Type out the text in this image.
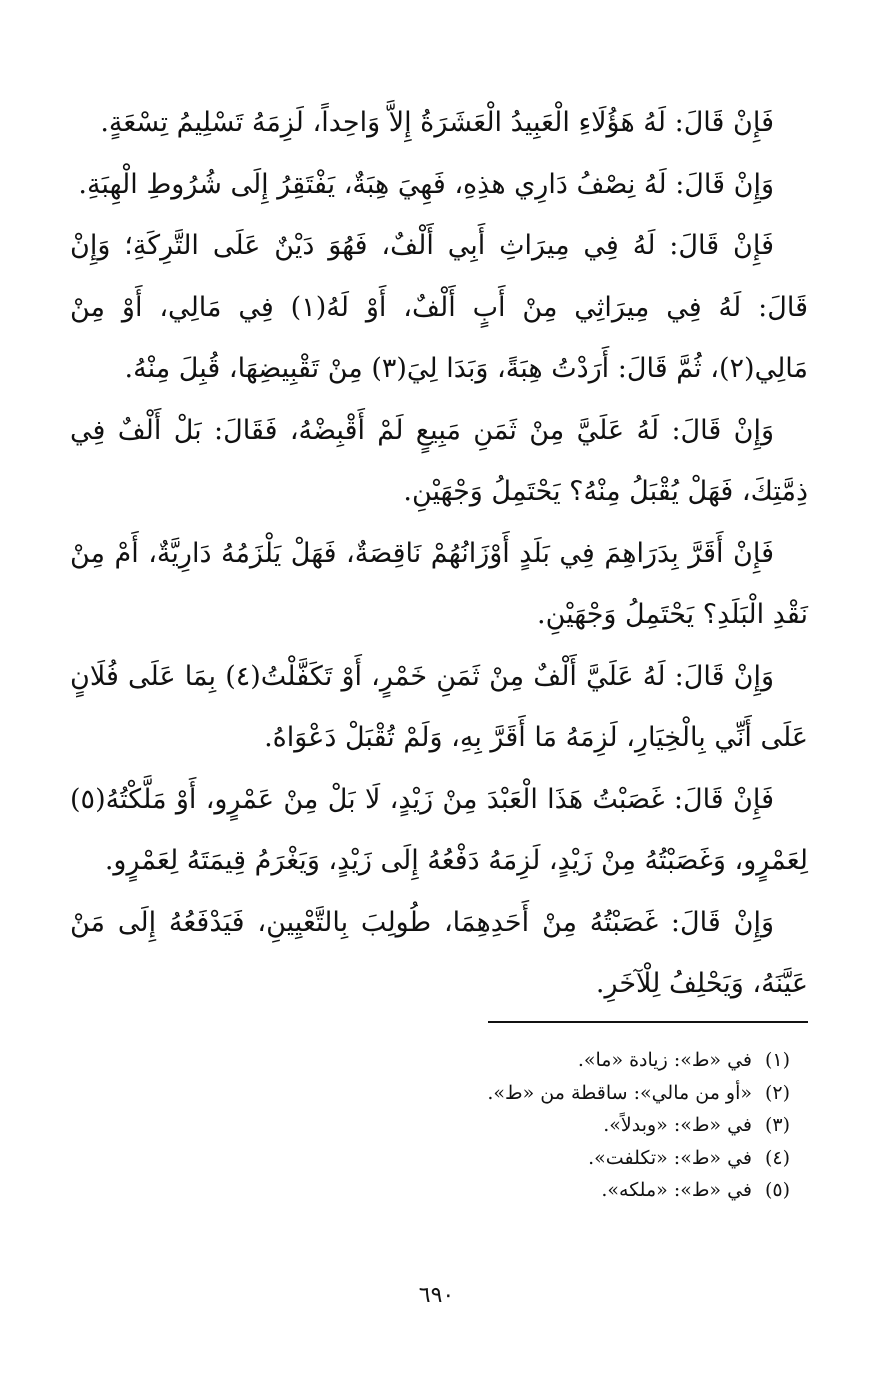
فَإِنْ قَالَ: لَهُ هَؤُلَاءِ الْعَبِيدُ الْعَشَرَةُ إِلاَّ وَاحِداً، لَزِمَهُ تَسْلِيمُ تِسْعَةٍ.

وَإِنْ قَالَ: لَهُ نِصْفُ دَارِي هذِهِ، فَهِيَ هِبَةٌ، يَفْتَقِرُ إِلَى شُرُوطِ الْهِبَةِ.

فَإِنْ قَالَ: لَهُ فِي مِيرَاثِ أَبِي أَلْفٌ، فَهُوَ دَيْنٌ عَلَى التَّرِكَةِ؛ وَإِنْ قَالَ: لَهُ فِي مِيرَاثِي مِنْ أَبٍ أَلْفٌ، أَوْ لَهُ(١) فِي مَالِي، أَوْ مِنْ مَالِي(٢)، ثُمَّ قَالَ: أَرَدْتُ هِبَةً، وَبَدَا لِيَ(٣) مِنْ تَقْبِيضِهَا، قُبِلَ مِنْهُ.

وَإِنْ قَالَ: لَهُ عَلَيَّ مِنْ ثَمَنِ مَبِيعٍ لَمْ أَقْبِضْهُ، فَقَالَ: بَلْ أَلْفٌ فِي ذِمَّتِكَ، فَهَلْ يُقْبَلُ مِنْهُ؟ يَحْتَمِلُ وَجْهَيْنِ.

فَإِنْ أَقَرَّ بِدَرَاهِمَ فِي بَلَدٍ أَوْزَانُهُمْ نَاقِصَةٌ، فَهَلْ يَلْزَمُهُ دَارِيَّةٌ، أَمْ مِنْ نَقْدِ الْبَلَدِ؟ يَحْتَمِلُ وَجْهَيْنِ.

وَإِنْ قَالَ: لَهُ عَلَيَّ أَلْفٌ مِنْ ثَمَنِ خَمْرٍ، أَوْ تَكَفَّلْتُ(٤) بِمَا عَلَى فُلَانٍ عَلَى أَنِّي بِالْخِيَارِ، لَزِمَهُ مَا أَقَرَّ بِهِ، وَلَمْ تُقْبَلْ دَعْوَاهُ.

فَإِنْ قَالَ: غَصَبْتُ هَذَا الْعَبْدَ مِنْ زَيْدٍ، لَا بَلْ مِنْ عَمْرٍو، أَوْ مَلَّكْتُهُ(٥) لِعَمْرٍو، وَغَصَبْتُهُ مِنْ زَيْدٍ، لَزِمَهُ دَفْعُهُ إِلَى زَيْدٍ، وَيَغْرَمُ قِيمَتَهُ لِعَمْرٍو.

وَإِنْ قَالَ: غَصَبْتُهُ مِنْ أَحَدِهِمَا، طُولِبَ بِالتَّعْيِينِ، فَيَدْفَعُهُ إِلَى مَنْ عَيَّنَهُ، وَيَحْلِفُ لِلْآخَرِ.

(١)
في «ط»: زيادة «ما».
(٢)
«أو من مالي»: ساقطة من «ط».
(٣)
في «ط»: «وبدلاً».
(٤)
في «ط»: «تكلفت».
(٥)
في «ط»: «ملكه».
٦٩٠
